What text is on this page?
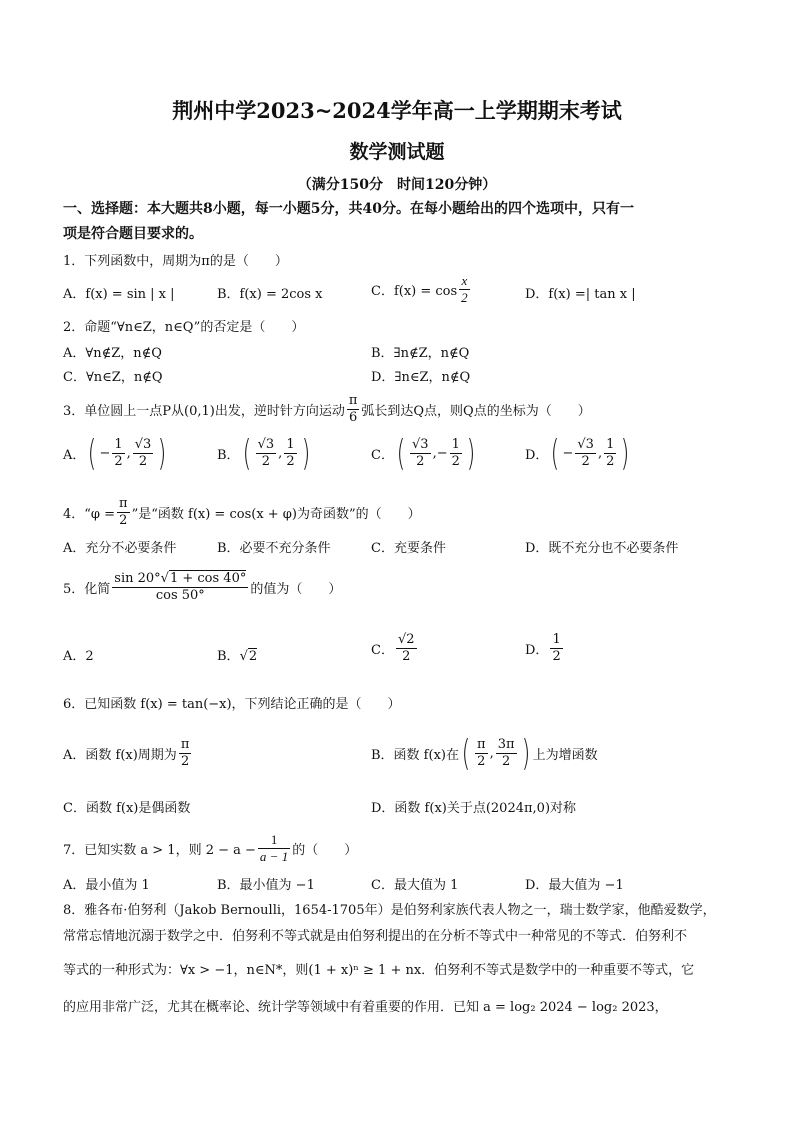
荆州中学2023~2024学年高一上学期期末考试
数学测试题
（满分150分　时间120分钟）
一、选择题：本大题共8小题，每一小题5分，共40分。在每小题给出的四个选项中，只有一
项是符合题目要求的。
1．下列函数中，周期为π的是（　　）
A．f(x) = sin | x |	B．f(x) = 2cos x	C．$f(x) = \cos \frac{x}{2}$	D．f(x) =| tan x |
2．命题“∀n∈Z，n∈Q”的否定是（　　）
A．∀n∉Z，n∉Q	B．∃n∉Z，n∉Q
C．∀n∈Z，n∉Q	D．∃n∈Z，n∉Q
3．单位圆上一点P从(0,1)出发，逆时针方向运动 $\frac{\pi}{6}$ 弧长到达Q点，则Q点的坐标为（　　）
A．( − $\frac{1}{2}$ , $\frac{√3}{2}$ )	B．( $\frac{√3}{2}$ , $\frac{1}{2}$ )	C．( $\frac{√3}{2}$ ,− $\frac{1}{2}$ )	D．( − $\frac{√3}{2}$ , $\frac{1}{2}$ )
4．“$\varphi = \frac{\pi}{2}$ ”是“函数 f(x) = cos(x + φ)为奇函数”的（　　）
A．充分不必要条件	B．必要不充分条件	C．充要条件	D．既不充分也不必要条件
5．化简 $\frac{\sin 20^\circ√1 + \cos 40^\circ}{\cos 50^\circ}$ 的值为（　　）
A．2	B．√2	C． $\frac{√2}{2}$	D． $\frac{1}{2}$
6．已知函数 f(x) = tan(−x)，下列结论正确的是（　　）
A．函数 f(x)周期为 $\frac{\pi}{2}$	B．函数 f(x)在( $\frac{\pi}{2}$ , $\frac{3\pi}{2}$ ) 上为增函数
C．函数 f(x)是偶函数	D．函数 f(x)关于点(2024π,0)对称
7．已知实数 a > 1，则 $2 - a - \frac{1}{a - 1}$ 的（　　）
A．最小值为 1	B．最小值为 −1	C．最大值为 1	D．最大值为 −1
8．雅各布·伯努利（Jakob Bernoulli，1654-1705年）是伯努利家族代表人物之一，瑞士数学家，他酷爱数学，
常常忘情地沉溺于数学之中．伯努利不等式就是由伯努利提出的在分析不等式中一种常见的不等式．伯努利不
等式的一种形式为：∀x > −1，n∈N*，则(1 + x)ⁿ ≥ 1 + nx．伯努利不等式是数学中的一种重要不等式，它
的应用非常广泛，尤其在概率论、统计学等领域中有着重要的作用．已知 a = log₂ 2024 − log₂ 2023，
